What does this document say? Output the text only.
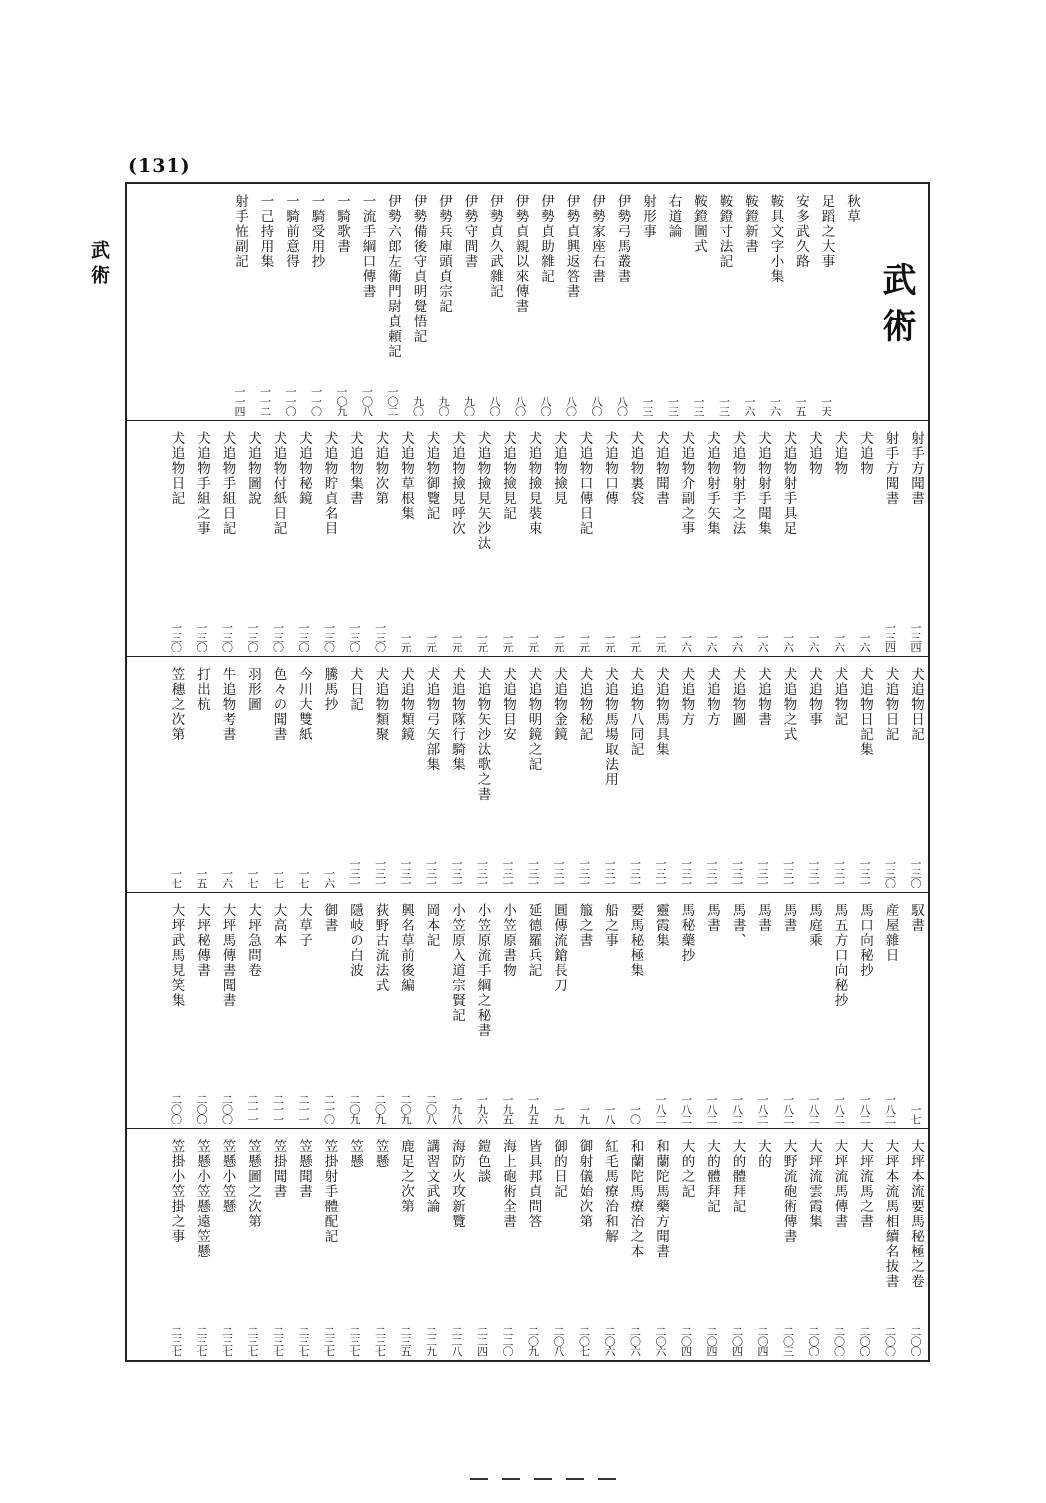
(131)
武術	武術
秋草
足蹈之大事
一天
安多武久路
一五
鞍具文字小集
一六
鞍鐙新書
一六
鞍鐙寸法記
一三
鞍鐙圖式
一三
右道論
一三
射形事
一三
伊勢弓馬叢書
八〇
伊勢家座右書
八〇
伊勢貞興返答書
八〇
伊勢貞助雜記
八〇
伊勢貞親以來傳書
八〇
伊勢貞久武雜記
八〇
伊勢守間書
九〇
伊勢兵庫頭貞宗記
九〇
伊勢備後守貞明覺悟記
九〇
伊勢六郎左衛門尉貞頼記
一〇二
一流手綱口傳書
一〇八
一騎歌書
一〇九
一騎受用抄
一一〇
一騎前意得
一一〇
一己持用集
一一二
射手恠副記
一一四
射手方聞書
一三四
射手方聞書
一三四
犬追物
一六
犬追物
一六
犬追物
一六
犬追物射手具足
一六
犬追物射手聞集
一六
犬追物射手之法
一六
犬追物射手矢集
一六
犬追物介副之事
一六
犬追物聞書
一元
犬追物裏袋
一元
犬追物口傳
一元
犬追物口傳日記
一元
犬追物撿見
一元
犬追物撿見裝束
一元
犬追物撿見記
一元
犬追物撿見矢沙汰
一元
犬追物撿見呼次
一元
犬追物御覽記
一元
犬追物草根集
一元
犬追物次第
一三〇
犬追物集書
一三〇
犬追物貯貞名目
一三〇
犬追物秘鏡
一三〇
犬追物付紙日記
一三〇
犬追物圖說
一三〇
犬追物手組日記
一三〇
犬追物手組之事
一三〇
犬追物日記
一三〇
犬追物日記
一三〇
犬追物日記
一三〇
犬追物日記集
一三一
犬追物記
一三一
犬追物事
一三一
犬追物之式
一三一
犬追物書
一三一
犬追物圖
一三一
犬追物方
一三一
犬追物方
一三一
犬追物馬具集
一三一
犬追物八同記
一三一
犬追物馬場取法用
一三一
犬追物秘記
一三一
犬追物金鏡
一三一
犬追物明鏡之記
一三一
犬追物目安
一三一
犬追物矢沙汰歌之書
一三一
犬追物隊行騎集
一三一
犬追物弓矢部集
一三一
犬追物類鏡
一三一
犬追物類聚
一三一
犬日記
一三一
騰馬抄
一六
今川大雙紙
一七
色々の聞書
一七
羽形圖
一七
牛追物考書
一六
打出杭
一五
笠穗之次第
一七
馭書
一七
産屋雜日
一八二
馬口向秘抄
一八二
馬五方口向秘抄
一八二
馬庭乘
一八二
馬書
一八二
馬書
一八二
馬書、
一八二
馬書
一八二
馬秘藥抄
一八二
靈霞集
一八二
要馬秘極集
一〇
船之事
一八
箙之書
一九
圓傳流鎗長刀
一九
延德羅兵記
一九五
小笠原書物
一九五
小笠原流手綱之秘書
一九六
小笠原入道宗賢記
一九八
岡本記
二〇八
興名草前後編
二〇九
荻野古流法式
二〇九
隱岐の白波
二〇九
御書
二一〇
大草子
二一一
大高本
二一一
大坪急問卷
二一一
大坪馬傳書聞書
二〇〇
大坪秘傳書
二〇〇
大坪武馬見笑集
二〇〇
大坪本流要馬秘極之卷
二〇〇
大坪本流馬相續名抜書
二〇〇
大坪流馬之書
二〇〇
大坪流馬傳書
二〇〇
大坪流雲霞集
二〇〇
大野流砲術傳書
二〇三
大的
二〇四
大的體拜記
二〇四
大的體拜記
二〇四
大的之記
二〇四
和蘭陀馬藥方聞書
二〇六
和蘭陀馬療治之本
二〇六
紅毛馬療治和解
二〇六
御射儀始次第
二〇七
御的日記
二〇八
皆具邦貞問答
二〇九
海上砲術全書
二二〇
鎧色談
二二四
海防火攻新覽
二二八
講習文武論
二二九
鹿足之次第
二三五
笠懸
二三七
笠懸
二三七
笠掛射手體配記
二三七
笠懸聞書
二三七
笠掛聞書
二三七
笠懸圖之次第
二三七
笠懸小笠懸
二三七
笠懸小笠懸遠笠懸
二三七
笠掛小笠掛之事
二三七
